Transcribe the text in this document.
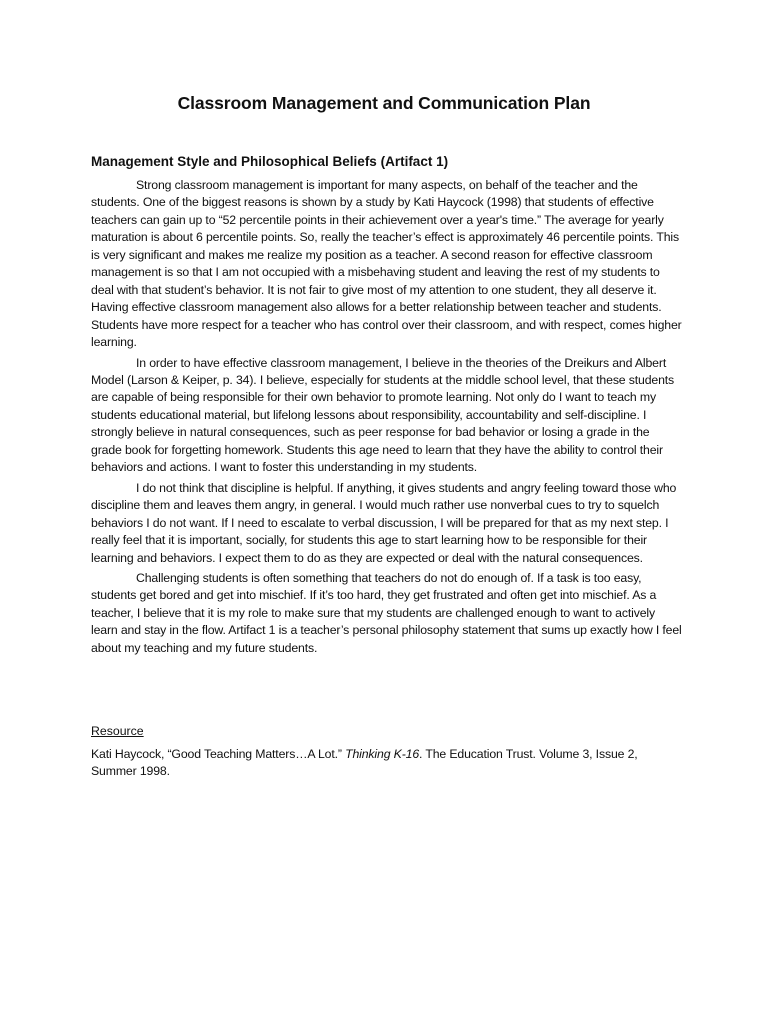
Classroom Management and Communication Plan
Management Style and Philosophical Beliefs (Artifact 1)

Strong classroom management is important for many aspects, on behalf of the teacher and the students. One of the biggest reasons is shown by a study by Kati Haycock (1998) that students of effective teachers can gain up to “52 percentile points in their achievement over a year's time.” The average for yearly maturation is about 6 percentile points. So, really the teacher’s effect is approximately 46 percentile points. This is very significant and makes me realize my position as a teacher. A second reason for effective classroom management is so that I am not occupied with a misbehaving student and leaving the rest of my students to deal with that student’s behavior. It is not fair to give most of my attention to one student, they all deserve it. Having effective classroom management also allows for a better relationship between teacher and students. Students have more respect for a teacher who has control over their classroom, and with respect, comes higher learning.

In order to have effective classroom management, I believe in the theories of the Dreikurs and Albert Model (Larson & Keiper, p. 34). I believe, especially for students at the middle school level, that these students are capable of being responsible for their own behavior to promote learning. Not only do I want to teach my students educational material, but lifelong lessons about responsibility, accountability and self-discipline. I strongly believe in natural consequences, such as peer response for bad behavior or losing a grade in the grade book for forgetting homework. Students this age need to learn that they have the ability to control their behaviors and actions. I want to foster this understanding in my students.

I do not think that discipline is helpful. If anything, it gives students and angry feeling toward those who discipline them and leaves them angry, in general. I would much rather use nonverbal cues to try to squelch behaviors I do not want. If I need to escalate to verbal discussion, I will be prepared for that as my next step. I really feel that it is important, socially, for students this age to start learning how to be responsible for their learning and behaviors. I expect them to do as they are expected or deal with the natural consequences.

Challenging students is often something that teachers do not do enough of. If a task is too easy, students get bored and get into mischief. If it’s too hard, they get frustrated and often get into mischief. As a teacher, I believe that it is my role to make sure that my students are challenged enough to want to actively learn and stay in the flow. Artifact 1 is a teacher’s personal philosophy statement that sums up exactly how I feel about my teaching and my future students.

Resource
Kati Haycock, “Good Teaching Matters…A Lot.” Thinking K-16. The Education Trust. Volume 3, Issue 2, Summer 1998.
